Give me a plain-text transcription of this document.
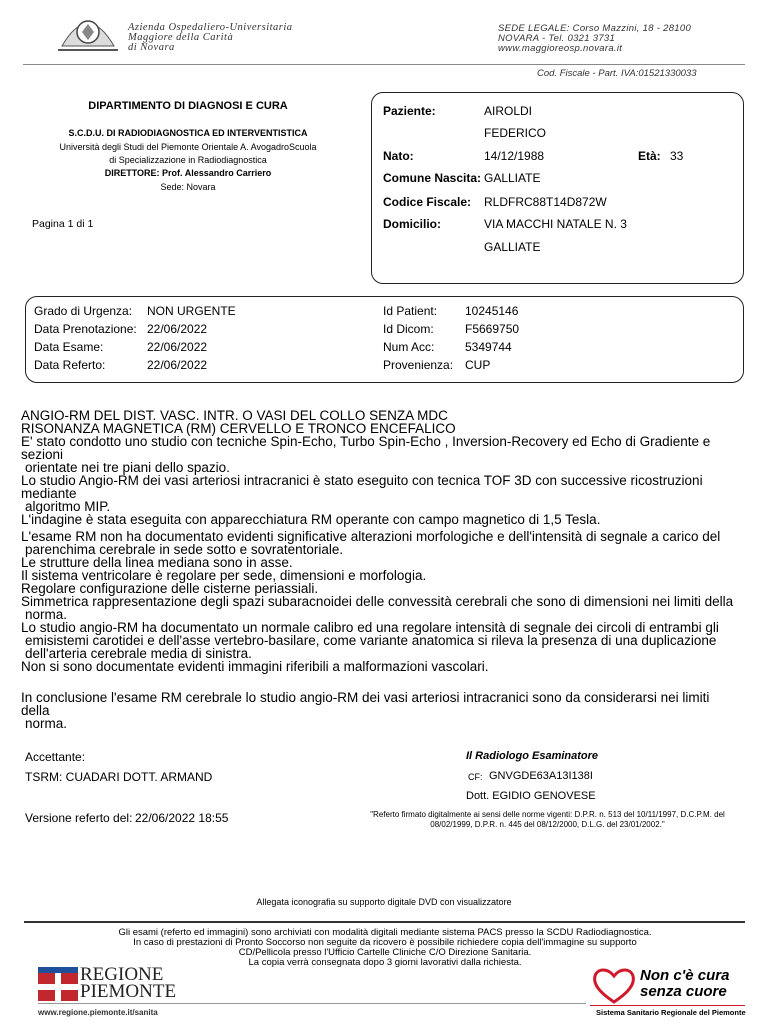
Azienda Ospedaliero-Universitaria
Maggiore della Carità
di Novara
SEDE LEGALE: Corso Mazzini, 18 - 28100
NOVARA - Tel. 0321 3731
www.maggioreosp.novara.it
Cod. Fiscale - Part. IVA:01521330033
DIPARTIMENTO DI DIAGNOSI E CURA
S.C.D.U. DI RADIODIAGNOSTICA ED INTERVENTISTICA
Università degli Studi del Piemonte Orientale A. AvogadroScuola
di Specializzazione in Radiodiagnostica
DIRETTORE: Prof. Alessandro Carriero
Sede: Novara
Pagina 1 di 1
Paziente:	AIROLDI
FEDERICO
Nato:	14/12/1988	Età: 33
Comune Nascita: GALLIATE
Codice Fiscale: RLDFRC88T14D872W
Domicilio:	VIA MACCHI NATALE N. 3
GALLIATE
Grado di Urgenza: NON URGENTE
Data Prenotazione: 22/06/2022
Data Esame:	22/06/2022
Data Referto:	22/06/2022
Id Patient: 10245146
Id Dicom:	F5669750
Num Acc:	5349744
Provenienza: CUP

ANGIO-RM DEL DIST. VASC. INTR. O VASI DEL COLLO SENZA MDC

RISONANZA MAGNETICA (RM) CERVELLO E TRONCO ENCEFALICO

E' stato condotto uno studio con tecniche Spin-Echo, Turbo Spin-Echo , Inversion-Recovery ed Echo di Gradiente e sezioni

orientate nei tre piani dello spazio.

Lo studio Angio-RM dei vasi arteriosi intracranici è stato eseguito con tecnica TOF 3D con successive ricostruzioni mediante

algoritmo MIP.

L'indagine è stata eseguita con apparecchiatura RM operante con campo magnetico di 1,5 Tesla.

L'esame RM non ha documentato evidenti significative alterazioni morfologiche e dell'intensità di segnale a carico del

parenchima cerebrale in sede sotto e sovratentoriale.

Le strutture della linea mediana sono in asse.

Il sistema ventricolare è regolare per sede, dimensioni e morfologia.

Regolare configurazione delle cisterne periassiali.

Simmetrica rappresentazione degli spazi subaracnoidei delle convessità cerebrali che sono di dimensioni nei limiti della

norma.

Lo studio angio-RM ha documentato un normale calibro ed una regolare intensità di segnale dei circoli di entrambi gli

emisistemi carotidei e dell'asse vertebro-basilare, come variante anatomica si rileva la presenza di una duplicazione

dell'arteria cerebrale media di sinistra.

Non si sono documentate evidenti immagini riferibili a malformazioni vascolari.

In conclusione l'esame RM cerebrale lo studio angio-RM dei vasi arteriosi intracranici sono da considerarsi nei limiti della

norma.

Accettante:
TSRM: CUADARI DOTT. ARMAND
Versione referto del: 22/06/2022 18:55
Il Radiologo Esaminatore
CF: GNVGDE63A13I138I
Dott. EGIDIO GENOVESE
"Referto firmato digitalmente ai sensi delle norme vigenti: D.P.R. n. 513 del 10/11/1997, D.C.P.M. del
08/02/1999, D.P.R. n. 445 del 08/12/2000, D.L.G. del 23/01/2002."
Allegata iconografia su supporto digitale DVD con visualizzatore
Gli esami (referto ed immagini) sono archiviati con modalità digitali mediante sistema PACS presso la SCDU Radiodiagnostica.
In caso di prestazioni di Pronto Soccorso non seguite da ricovero è possibile richiedere copia dell'immagine su supporto
CD/Pellicola presso l'Ufficio Cartelle Cliniche C/O Direzione Sanitaria.
La copia verrà consegnata dopo 3 giorni lavorativi dalla richiesta.
REGIONE
PIEMONTE
www.regione.piemonte.it/sanita
Non c'è cura
senza cuore
Sistema Sanitario Regionale del Piemonte
